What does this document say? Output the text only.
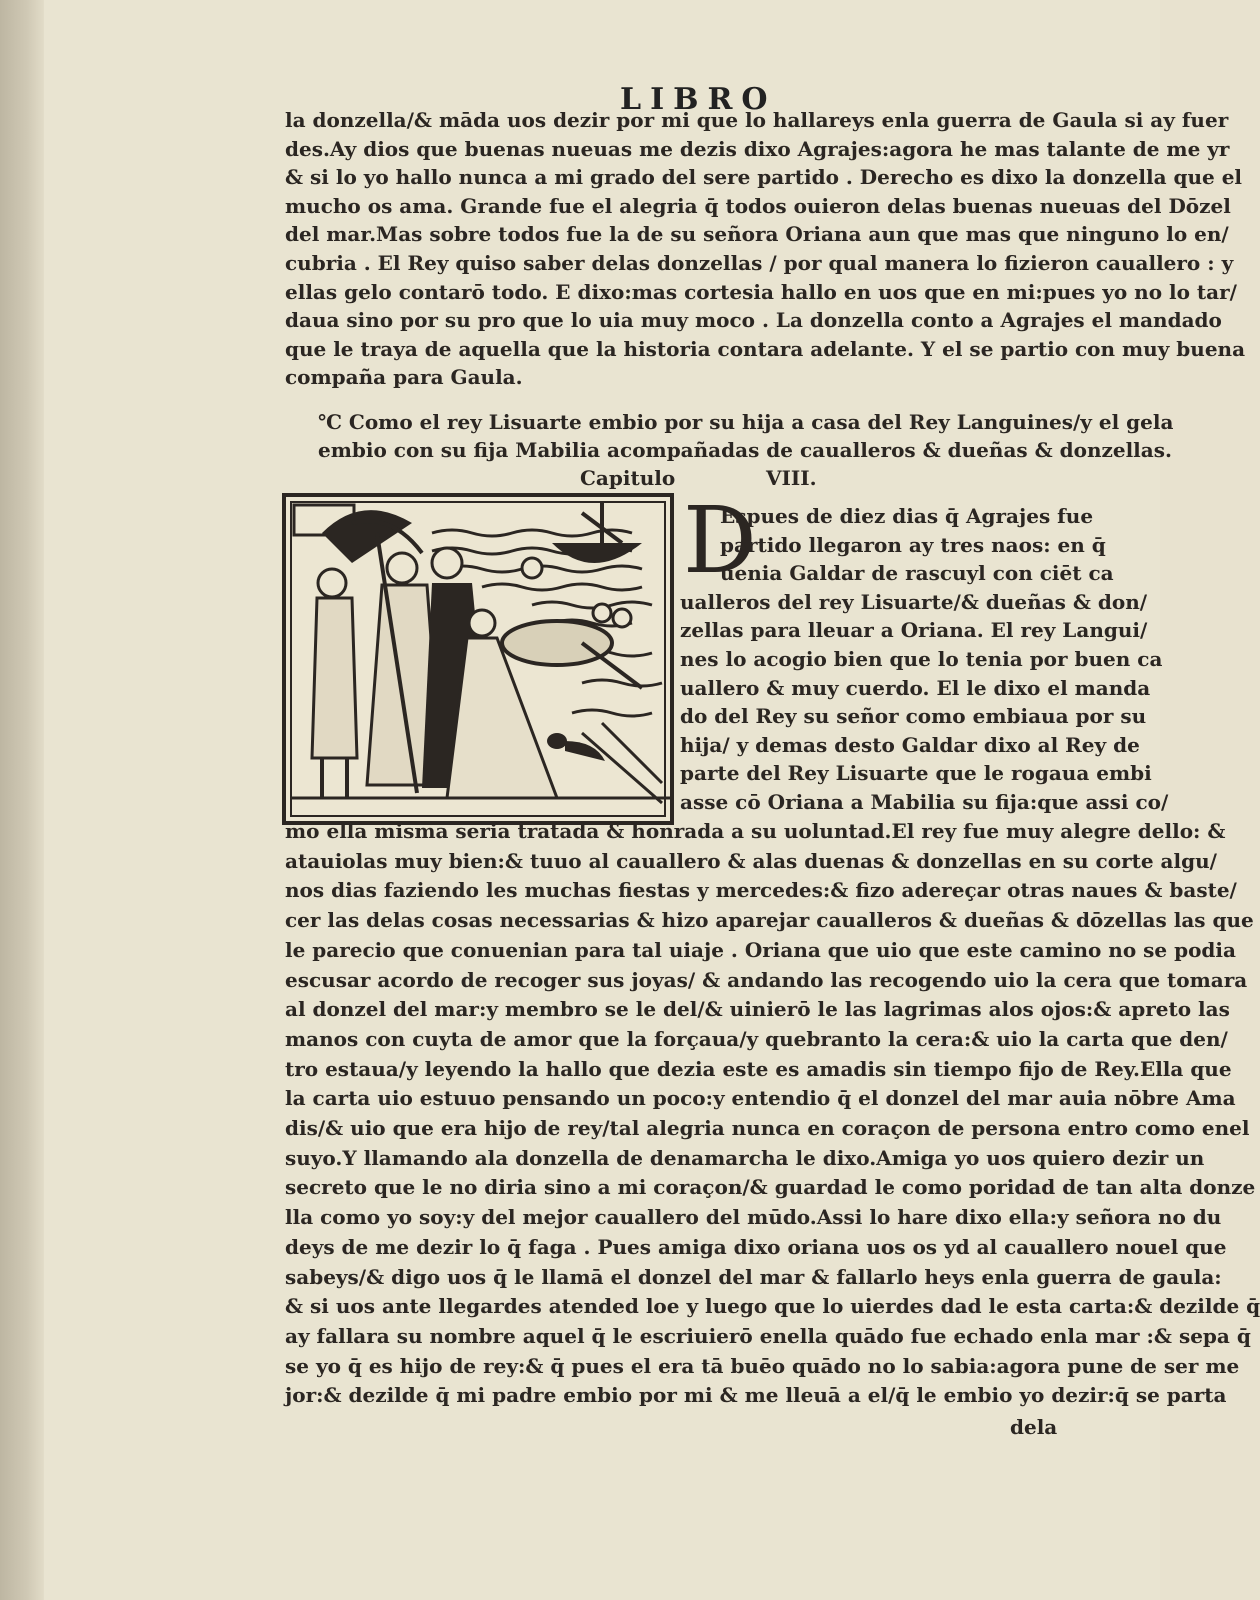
LIBRO
la donzella/& māda uos dezir por mi que lo hallareys enla guerra de Gaula si ay fuer
des.Ay dios que buenas nueuas me dezis dixo Agrajes:agora he mas talante de me yr
& si lo yo hallo nunca a mi grado del sere partido . Derecho es dixo la donzella que el
mucho os ama. Grande fue el alegria q̄ todos ouieron delas buenas nueuas del Dōzel
del mar.Mas sobre todos fue la de su señora Oriana aun que mas que ninguno lo en/
cubria . El Rey quiso saber delas donzellas / por qual manera lo fizieron cauallero : y
ellas gelo contarō todo. E dixo:mas cortesia hallo en uos que en mi:pues yo no lo tar/
daua sino por su pro que lo uia muy moco . La donzella conto a Agrajes el mandado
que le traya de aquella que la historia contara adelante. Y el se partio con muy buena
compaña para Gaula.
℃ Como el rey Lisuarte embio por su hija a casa del Rey Languines/y el gela
embio con su fija Mabilia acompañadas de caualleros & dueñas & donzellas.
Capitulo	VIII.
D
Espues de diez dias q̄ Agrajes fue
partido llegaron ay tres naos: en q̄
uenia Galdar de rascuyl con ciēt ca
ualleros del rey Lisuarte/& dueñas & don/
zellas para lleuar a Oriana. El rey Langui/
nes lo acogio bien que lo tenia por buen ca
uallero & muy cuerdo. El le dixo el manda
do del Rey su señor como embiaua por su
hija/ y demas desto Galdar dixo al Rey de
parte del Rey Lisuarte que le rogaua embi
asse cō Oriana a Mabilia su fija:que assi co/
mo ella misma seria tratada & honrada a su uoluntad.El rey fue muy alegre dello: &
atauiolas muy bien:& tuuo al cauallero & alas duenas & donzellas en su corte algu/
nos dias faziendo les muchas fiestas y mercedes:& fizo adereçar otras naues & baste/
cer las delas cosas necessarias & hizo aparejar caualleros & dueñas & dōzellas las que
le parecio que conuenian para tal uiaje . Oriana que uio que este camino no se podia
escusar acordo de recoger sus joyas/ & andando las recogendo uio la cera que tomara
al donzel del mar:y membro se le del/& uinierō le las lagrimas alos ojos:& apreto las
manos con cuyta de amor que la forçaua/y quebranto la cera:& uio la carta que den/
tro estaua/y leyendo la hallo que dezia este es amadis sin tiempo fijo de Rey.Ella que
la carta uio estuuo pensando un poco:y entendio q̄ el donzel del mar auia nōbre Ama
dis/& uio que era hijo de rey/tal alegria nunca en coraçon de persona entro como enel
suyo.Y llamando ala donzella de denamarcha le dixo.Amiga yo uos quiero dezir un
secreto que le no diria sino a mi coraçon/& guardad le como poridad de tan alta donze
lla como yo soy:y del mejor cauallero del mūdo.Assi lo hare dixo ella:y señora no du
deys de me dezir lo q̄ faga . Pues amiga dixo oriana uos os yd al cauallero nouel que
sabeys/& digo uos q̄ le llamā el donzel del mar & fallarlo heys enla guerra de gaula:
& si uos ante llegardes atended loe y luego que lo uierdes dad le esta carta:& dezilde q̄
ay fallara su nombre aquel q̄ le escriuierō enella quādo fue echado enla mar :& sepa q̄
se yo q̄ es hijo de rey:& q̄ pues el era tā buēo quādo no lo sabia:agora pune de ser me
jor:& dezilde q̄ mi padre embio por mi & me lleuā a el/q̄ le embio yo dezir:q̄ se parta
dela
